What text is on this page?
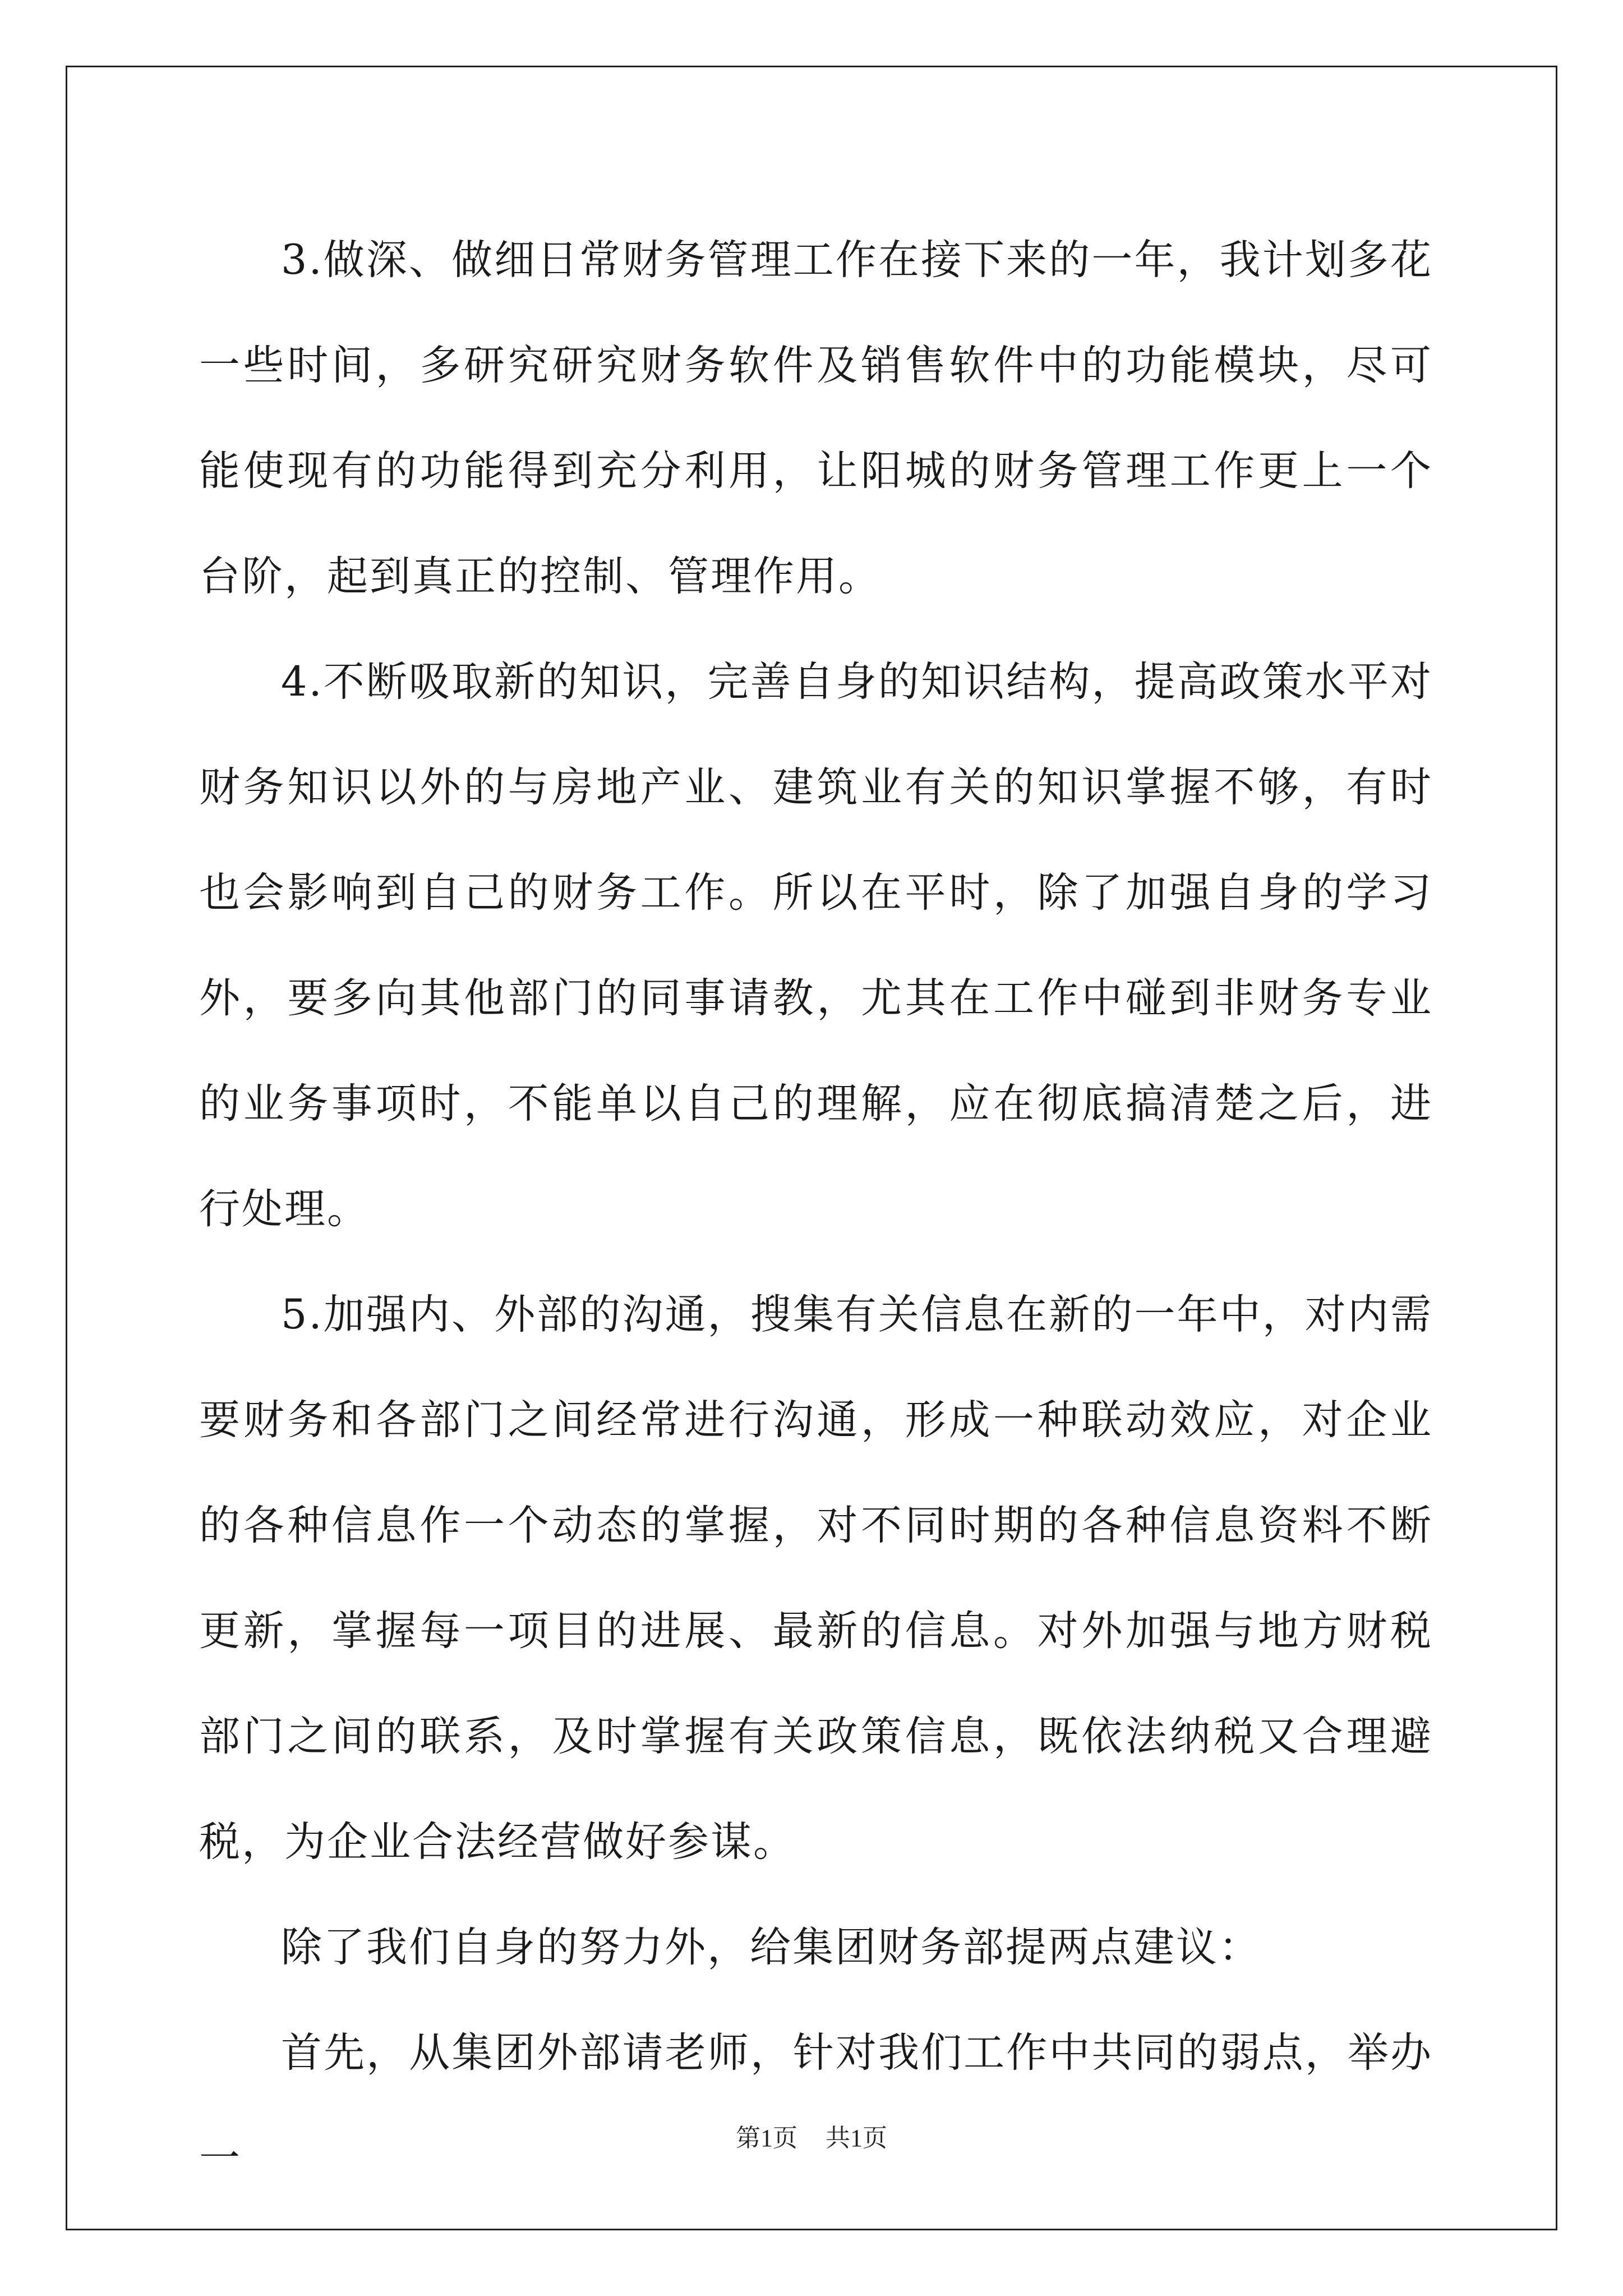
3.做深、做细日常财务管理工作在接下来的一年，我计划多花一些时间，多研究研究财务软件及销售软件中的功能模块，尽可能使现有的功能得到充分利用，让阳城的财务管理工作更上一个台阶，起到真正的控制、管理作用。

4.不断吸取新的知识，完善自身的知识结构，提高政策水平对财务知识以外的与房地产业、建筑业有关的知识掌握不够，有时也会影响到自己的财务工作。所以在平时，除了加强自身的学习外，要多向其他部门的同事请教，尤其在工作中碰到非财务专业的业务事项时，不能单以自己的理解，应在彻底搞清楚之后，进行处理。

5.加强内、外部的沟通，搜集有关信息在新的一年中，对内需要财务和各部门之间经常进行沟通，形成一种联动效应，对企业的各种信息作一个动态的掌握，对不同时期的各种信息资料不断更新，掌握每一项目的进展、最新的信息。对外加强与地方财税部门之间的联系，及时掌握有关政策信息，既依法纳税又合理避税，为企业合法经营做好参谋。

除了我们自身的努力外，给集团财务部提两点建议：

首先，从集团外部请老师，针对我们工作中共同的弱点，举办一	第1页 共1页
